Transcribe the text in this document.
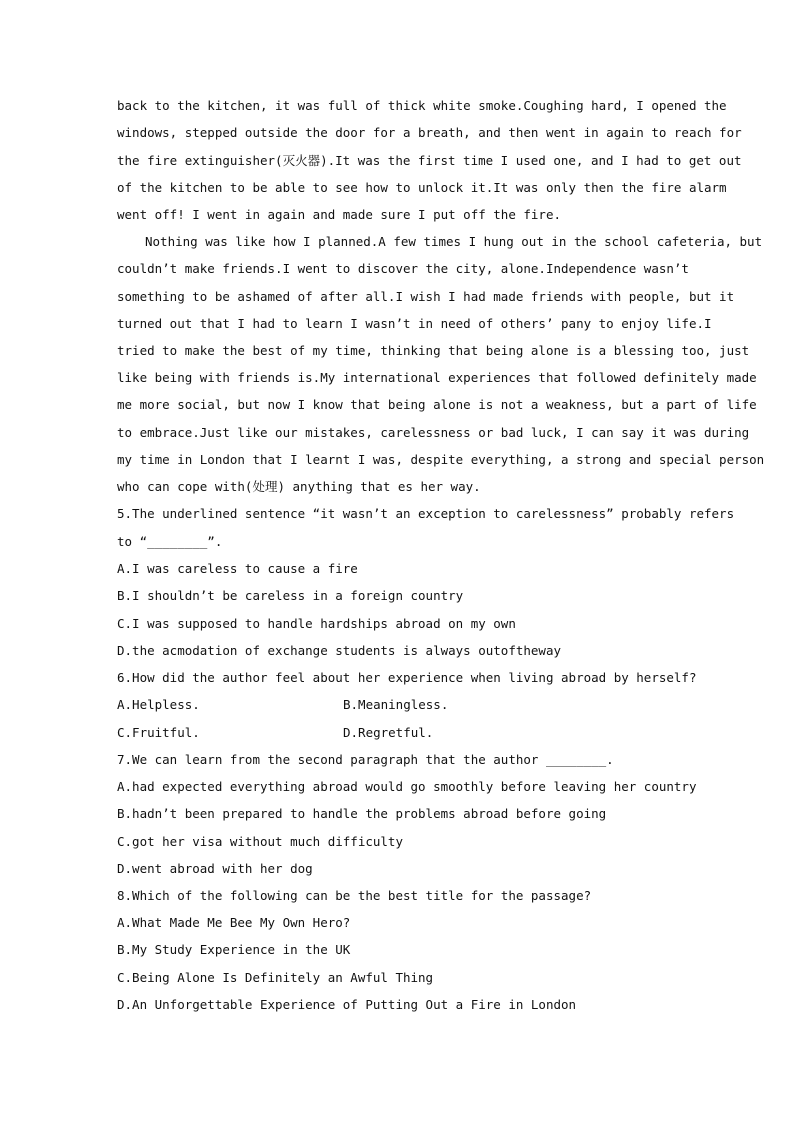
back to the kitchen, it was full of thick white smoke.Coughing hard, I opened the
windows, stepped outside the door for a breath, and then went in again to reach for
the fire extinguisher(灭火器).It was the first time I used one, and I had to get out
of the kitchen to be able to see how to unlock it.It was only then the fire alarm
went off! I went in again and made sure I put off the fire.
Nothing was like how I planned.A few times I hung out in the school cafeteria, but
couldn’t make friends.I went to discover the city, alone.Independence wasn’t
something to be ashamed of after all.I wish I had made friends with people, but it
turned out that I had to learn I wasn’t in need of others’ pany to enjoy life.I
tried to make the best of my time, thinking that being alone is a blessing too, just
like being with friends is.My international experiences that followed definitely made
me more social, but now I know that being alone is not a weakness, but a part of life
to embrace.Just like our mistakes, carelessness or bad luck, I can say it was during
my time in London that I learnt I was, despite everything, a strong and special person
who can cope with(处理) anything that es her way.
5.The underlined sentence “it wasn’t an exception to carelessness” probably refers
to “________”.
A.I was careless to cause a fire
B.I shouldn’t be careless in a foreign country
C.I was supposed to handle hardships abroad on my own
D.the acmodation of exchange students is always outoftheway
6.How did the author feel about her experience when living abroad by herself?
A.Helpless.	B.Meaningless.
C.Fruitful.	D.Regretful.
7.We can learn from the second paragraph that the author ________.
A.had expected everything abroad would go smoothly before leaving her country
B.hadn’t been prepared to handle the problems abroad before going
C.got her visa without much difficulty
D.went abroad with her dog
8.Which of the following can be the best title for the passage?
A.What Made Me Bee My Own Hero?
B.My Study Experience in the UK
C.Being Alone Is Definitely an Awful Thing
D.An Unforgettable Experience of Putting Out a Fire in London
